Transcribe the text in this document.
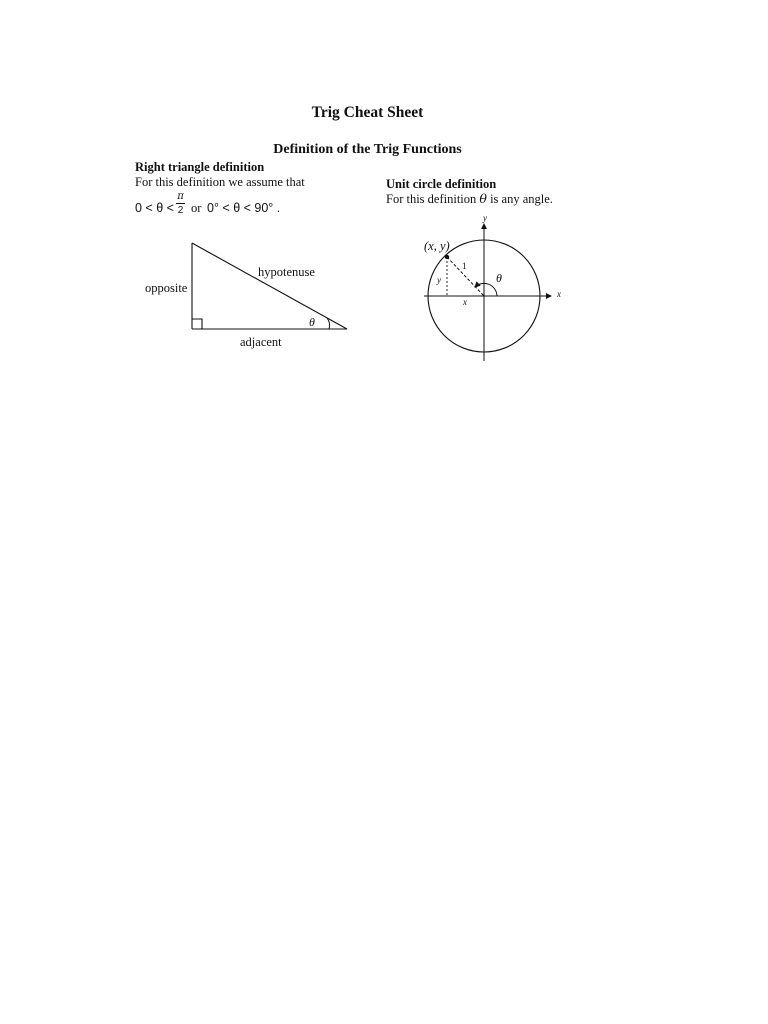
Trig Cheat Sheet
Definition of the Trig Functions
Right triangle definition
For this definition we assume that
0 < θ <
π
2 or 0° < θ < 90° .
Unit circle definition
For this definition θ is any angle.
hypotenuse
opposite
adjacent
θ
(x, y)
y
x
1
θ
x
y
